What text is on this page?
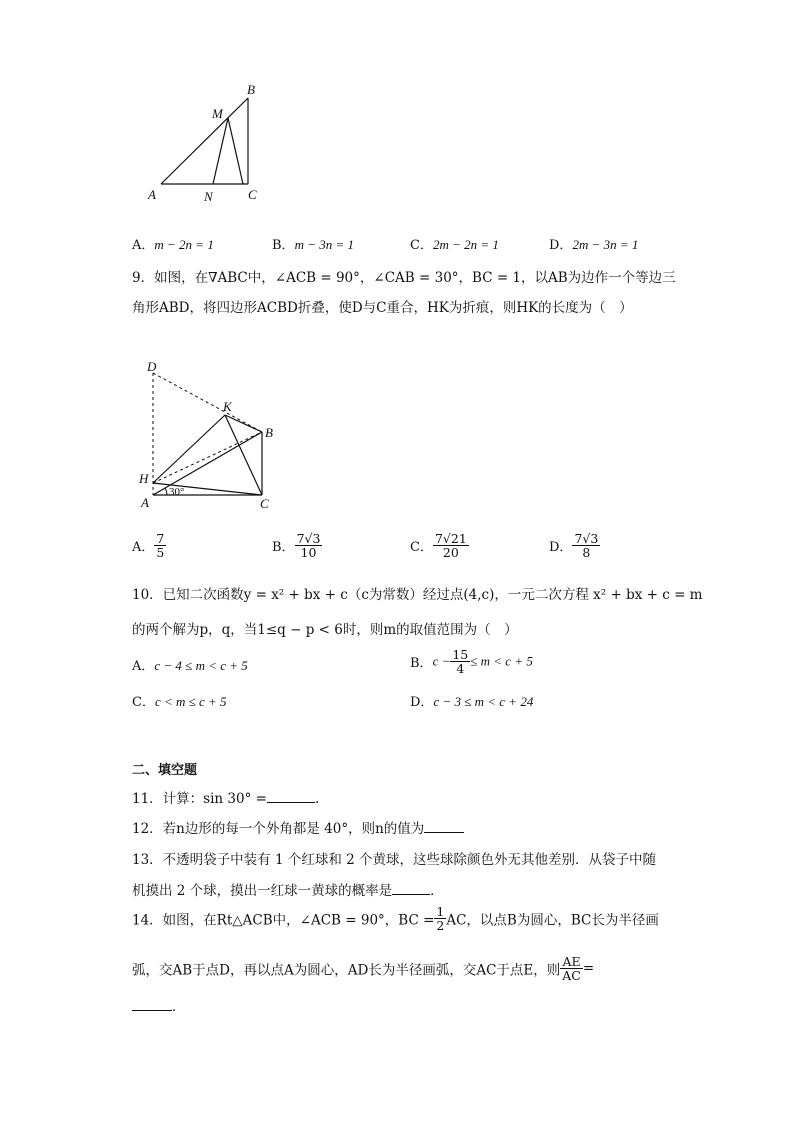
B
M
A	N	C
A．m − 2n = 1	B．m − 3n = 1	C．2m − 2n = 1	D．2m − 3n = 1
9．如图，在∇ABC中，∠ACB = 90°，∠CAB = 30°，BC = 1，以AB为边作一个等边三
角形ABD，将四边形ACBD折叠，使D与C重合，HK为折痕，则HK的长度为（　）
D
K
B
H
A	C
30°
A． $\frac{7}{5}$	B． $\frac{7√3}{10}$	C． $\frac{7√21}{20}$	D． $\frac{7√3}{8}$
10．已知二次函数y = x² + bx + c（c为常数）经过点(4,c)，一元二次方程 x² + bx + c = m
的两个解为p，q，当1≤q − p < 6时，则m的取值范围为（　）
A．c − 4 ≤ m < c + 5	B．$c - \frac{15}{4} \le m < c + 5$
C．c < m ≤ c + 5	D．c − 3 ≤ m < c + 24
二、填空题
11．计算：sin 30° =	.
12．若n边形的每一个外角都是 40°，则n的值为
13．不透明袋子中装有 1 个红球和 2 个黄球，这些球除颜色外无其他差别．从袋子中随
机摸出 2 个球，摸出一红球一黄球的概率是	．
14．如图，在Rt△ACB中，∠ACB = 90°，BC = $\frac{1}{2}$ AC，以点B为圆心，BC长为半径画
弧，交AB于点D，再以点A为圆心，AD长为半径画弧，交AC于点E，则 $\frac{AE}{AC}$ =
．
